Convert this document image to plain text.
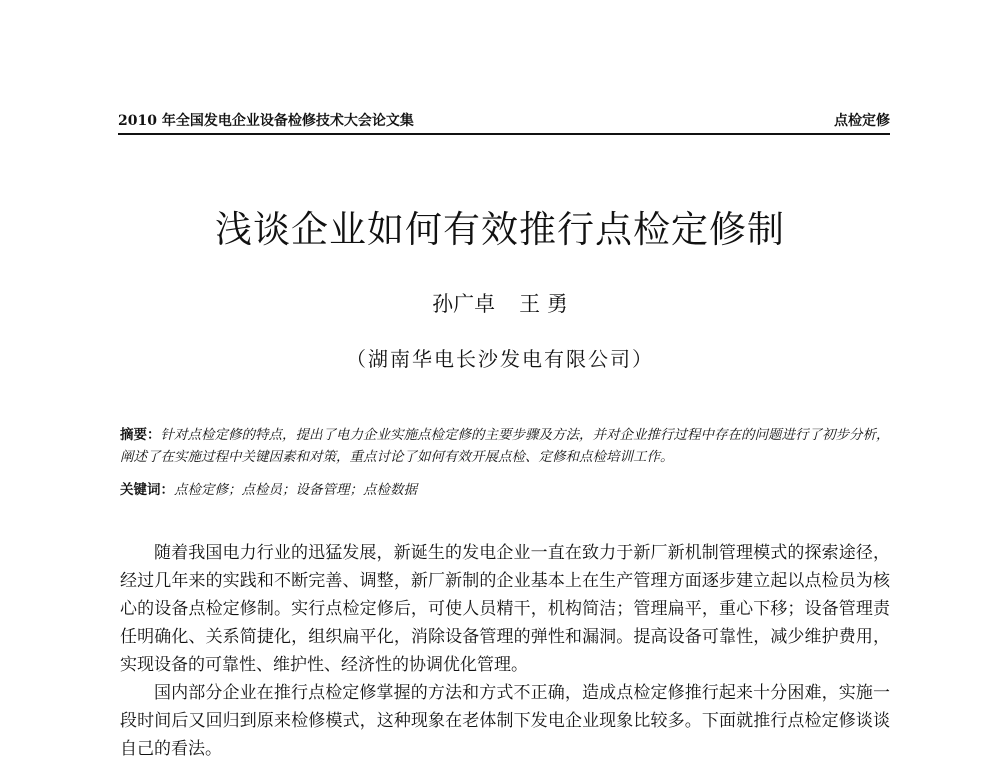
2010 年全国发电企业设备检修技术大会论文集	点检定修
浅谈企业如何有效推行点检定修制
孙广卓 王 勇
（湖南华电长沙发电有限公司）
摘要：针对点检定修的特点，提出了电力企业实施点检定修的主要步骤及方法，并对企业推行过程中存在的问题进行了初步分析， 阐述了在实施过程中关键因素和对策，重点讨论了如何有效开展点检、定修和点检培训工作。
关键词：点检定修；点检员；设备管理；点检数据

随着我国电力行业的迅猛发展，新诞生的发电企业一直在致力于新厂新机制管理模式的探索途径，经过几年来的实践和不断完善、调整，新厂新制的企业基本上在生产管理方面逐步建立起以点检员为核心的设备点检定修制。实行点检定修后，可使人员精干，机构简洁；管理扁平，重心下移；设备管理责任明确化、关系简捷化，组织扁平化，消除设备管理的弹性和漏洞。提高设备可靠性，减少维护费用，实现设备的可靠性、维护性、经济性的协调优化管理。

国内部分企业在推行点检定修掌握的方法和方式不正确，造成点检定修推行起来十分困难，实施一段时间后又回归到原来检修模式，这种现象在老体制下发电企业现象比较多。下面就推行点检定修谈谈自己的看法。
